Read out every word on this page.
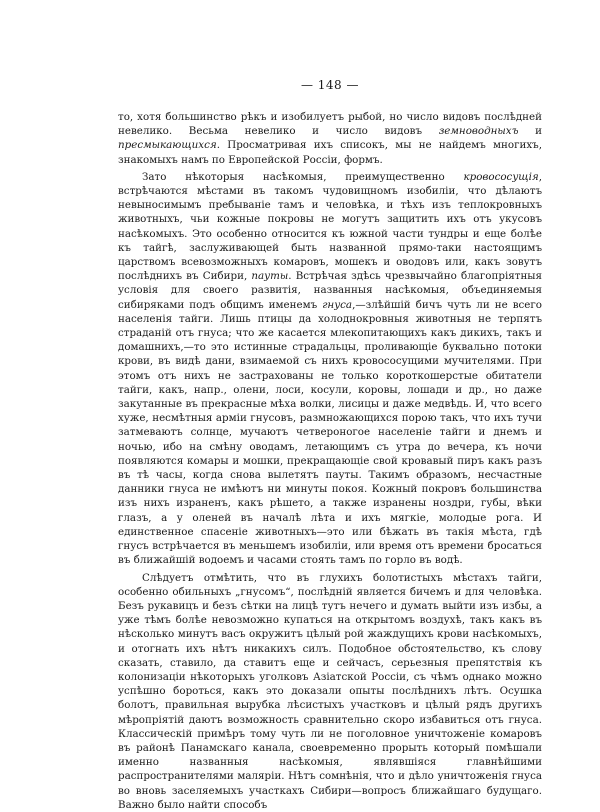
— 148 —

то, хотя большинство рѣкъ и изобилуетъ рыбой, но число видовъ послѣдней невелико. Весьма невелико и число видовъ земноводныхъ и пресмыкающихся. Просматривая ихъ списокъ, мы не найдемъ многихъ, знакомыхъ намъ по Европейской Россіи, формъ.

Зато нѣкоторыя насѣкомыя, преимущественно кровососущія, встрѣчаются мѣстами въ такомъ чудовищномъ изобиліи, что дѣлаютъ невыносимымъ пребываніе тамъ и человѣка, и тѣхъ изъ теплокровныхъ животныхъ, чьи кожные покровы не могутъ защитить ихъ отъ укусовъ насѣкомыхъ. Это особенно относится къ южной части тундры и еще болѣе къ тайгѣ, заслуживающей быть названной прямо-таки настоящимъ царствомъ всевозможныхъ комаровъ, мошекъ и оводовъ или, какъ зовутъ послѣднихъ въ Сибири, пауты. Встрѣчая здѣсь чрезвычайно благопріятныя условія для своего развитія, названныя насѣкомыя, объединяемыя сибиряками подъ общимъ именемъ гнуса,—злѣйшій бичъ чуть ли не всего населенія тайги. Лишь птицы да холоднокровныя животныя не терпятъ страданій отъ гнуса; что же касается млекопитающихъ какъ дикихъ, такъ и домашнихъ,—то это истинные страдальцы, проливающіе буквально потоки крови, въ видѣ дани, взимаемой съ нихъ кровососущими мучителями. При этомъ отъ нихъ не застрахованы не только короткошерстые обитатели тайги, какъ, напр., олени, лоси, косули, коровы, лошади и др., но даже закутанные въ прекрасные мѣха волки, лисицы и даже медвѣдь. И, что всего хуже, несмѣтныя арміи гнусовъ, размножающихся порою такъ, что ихъ тучи затмеваютъ солнце, мучаютъ четвероногое населеніе тайги и днемъ и ночью, ибо на смѣну оводамъ, летающимъ съ утра до вечера, къ ночи появляются комары и мошки, прекращающіе свой кровавый пиръ какъ разъ въ тѣ часы, когда снова вылетятъ пауты. Такимъ образомъ, несчастные данники гнуса не имѣютъ ни минуты покоя. Кожный покровъ большинства изъ нихъ израненъ, какъ рѣшето, а также изранены ноздри, губы, вѣки глазъ, а у оленей въ началѣ лѣта и ихъ мягкіе, молодые рога. И единственное спасеніе животныхъ—это или бѣжать въ такія мѣста, гдѣ гнусъ встрѣчается въ меньшемъ изобиліи, или время отъ времени бросаться въ ближайшій водоемъ и часами стоять тамъ по горло въ водѣ.

Слѣдуетъ отмѣтить, что въ глухихъ болотистыхъ мѣстахъ тайги, особенно обильныхъ „гнусомъ“, послѣдній является бичемъ и для человѣка. Безъ рукавицъ и безъ сѣтки на лицѣ тутъ нечего и думать выйти изъ избы, а уже тѣмъ болѣе невозможно купаться на открытомъ воздухѣ, такъ какъ въ нѣсколько минутъ васъ окружитъ цѣлый рой жаждущихъ крови насѣкомыхъ, и отогнать ихъ нѣтъ никакихъ силъ. Подобное обстоятельство, къ слову сказать, ставило, да ставитъ еще и сейчасъ, серьезныя препятствія къ колонизаціи нѣкоторыхъ уголковъ Азіатской Россіи, съ чѣмъ однако можно успѣшно бороться, какъ это доказали опыты послѣднихъ лѣтъ. Осушка болотъ, правильная вырубка лѣсистыхъ участковъ и цѣлый рядъ другихъ мѣропріятій даютъ возможность сравнительно скоро избавиться отъ гнуса. Классическій примѣръ тому чуть ли не поголовное уничтоженіе комаровъ въ районѣ Панамскаго канала, своевременно прорыть который помѣшали именно названныя насѣкомыя, являвшіяся главнѣйшими распространителями маляріи. Нѣтъ сомнѣнія, что и дѣло уничтоженія гнуса во вновь заселяемыхъ участкахъ Сибири—вопросъ ближайшаго будущаго. Важно было найти способъ
